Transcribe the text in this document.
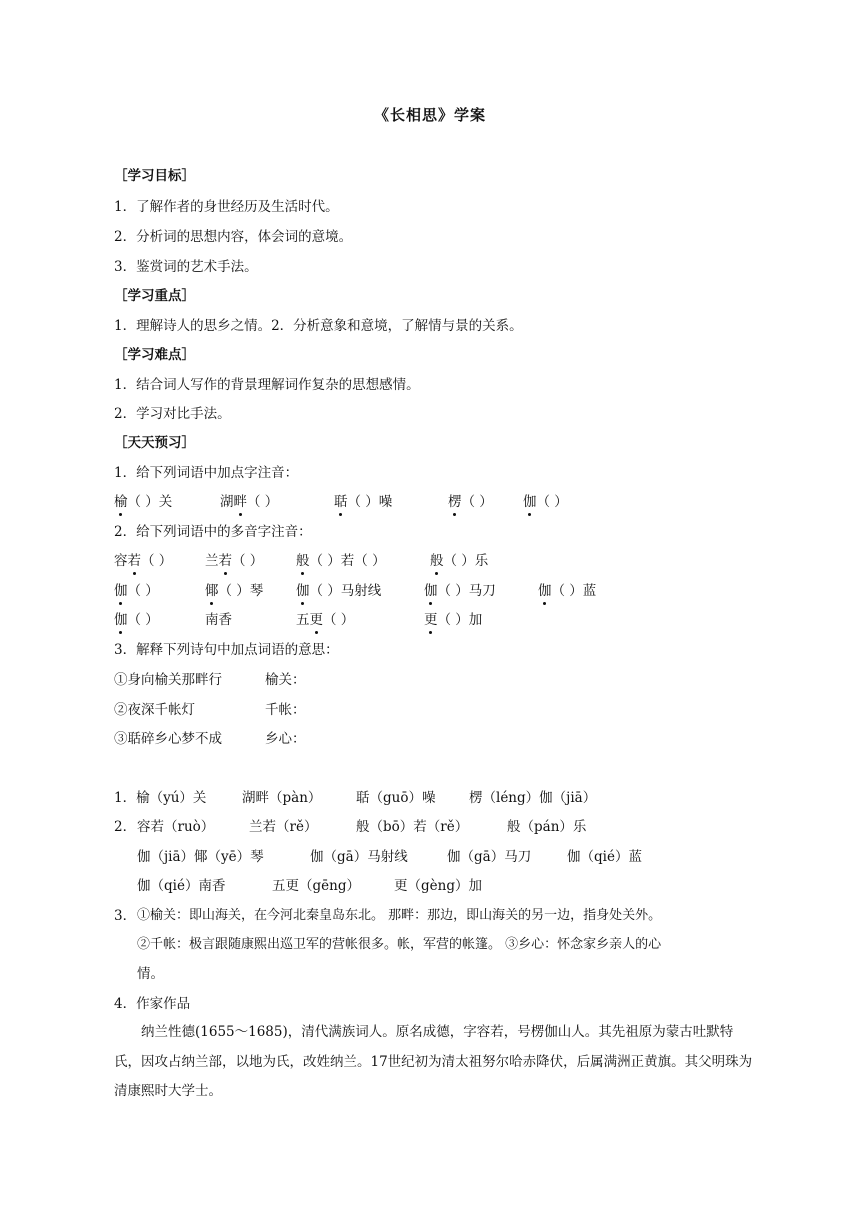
《长相思》学案
［学习目标］
1．了解作者的身世经历及生活时代。
2．分析词的思想内容，体会词的意境。
3．鉴赏词的艺术手法。
［学习重点］
1．理解诗人的思乡之情。2．分析意象和意境，了解情与景的关系。
［学习难点］
1．结合词人写作的背景理解词作复杂的思想感情。
2．学习对比手法。
［天天预习］
1．给下列词语中加点字注音：
榆（ ）关	湖畔（ ）	聒（ ）噪	楞（ ） 伽（ ）
2．给下列词语中的多音字注音：
容若（ ） 兰若（ ） 般（ ）若（ ）	般（ ）乐
伽（ ）	倻（ ）琴 伽（ ）马射线	伽（ ）马刀	伽（ ）蓝
伽（ ）	南香	五更（ ）	更（ ）加
3．解释下列诗句中加点词语的意思：
①身向榆关那畔行	榆关：
②夜深千帐灯	千帐：
③聒碎乡心梦不成	乡心：
1．榆（yú）关	湖畔（pàn）	聒（guō）噪 楞（léng）伽（jiā）
2． 容若（ruò）	兰若（rě）	般（bō）若（rě）	般（pán）乐
伽（jiā）倻（yē）琴	伽（gā）马射线	伽（gā）马刀	伽（qié）蓝
伽（qié）南香	五更（gēng）	更（gèng）加
3． ①榆关：即山海关，在今河北秦皇岛东北。 那畔：那边，即山海关的另一边，指身处关外。
②千帐：极言跟随康熙出巡卫军的营帐很多。帐，军营的帐篷。 ③乡心：怀念家乡亲人的心
情。
4．作家作品
纳兰性德(1655～1685)，清代满族词人。原名成德，字容若，号楞伽山人。其先祖原为蒙古吐默特氏，因攻占纳兰部，以地为氏，改姓纳兰。17世纪初为清太祖努尔哈赤降伏，后属满洲正黄旗。其父明珠为清康熙时大学士。
